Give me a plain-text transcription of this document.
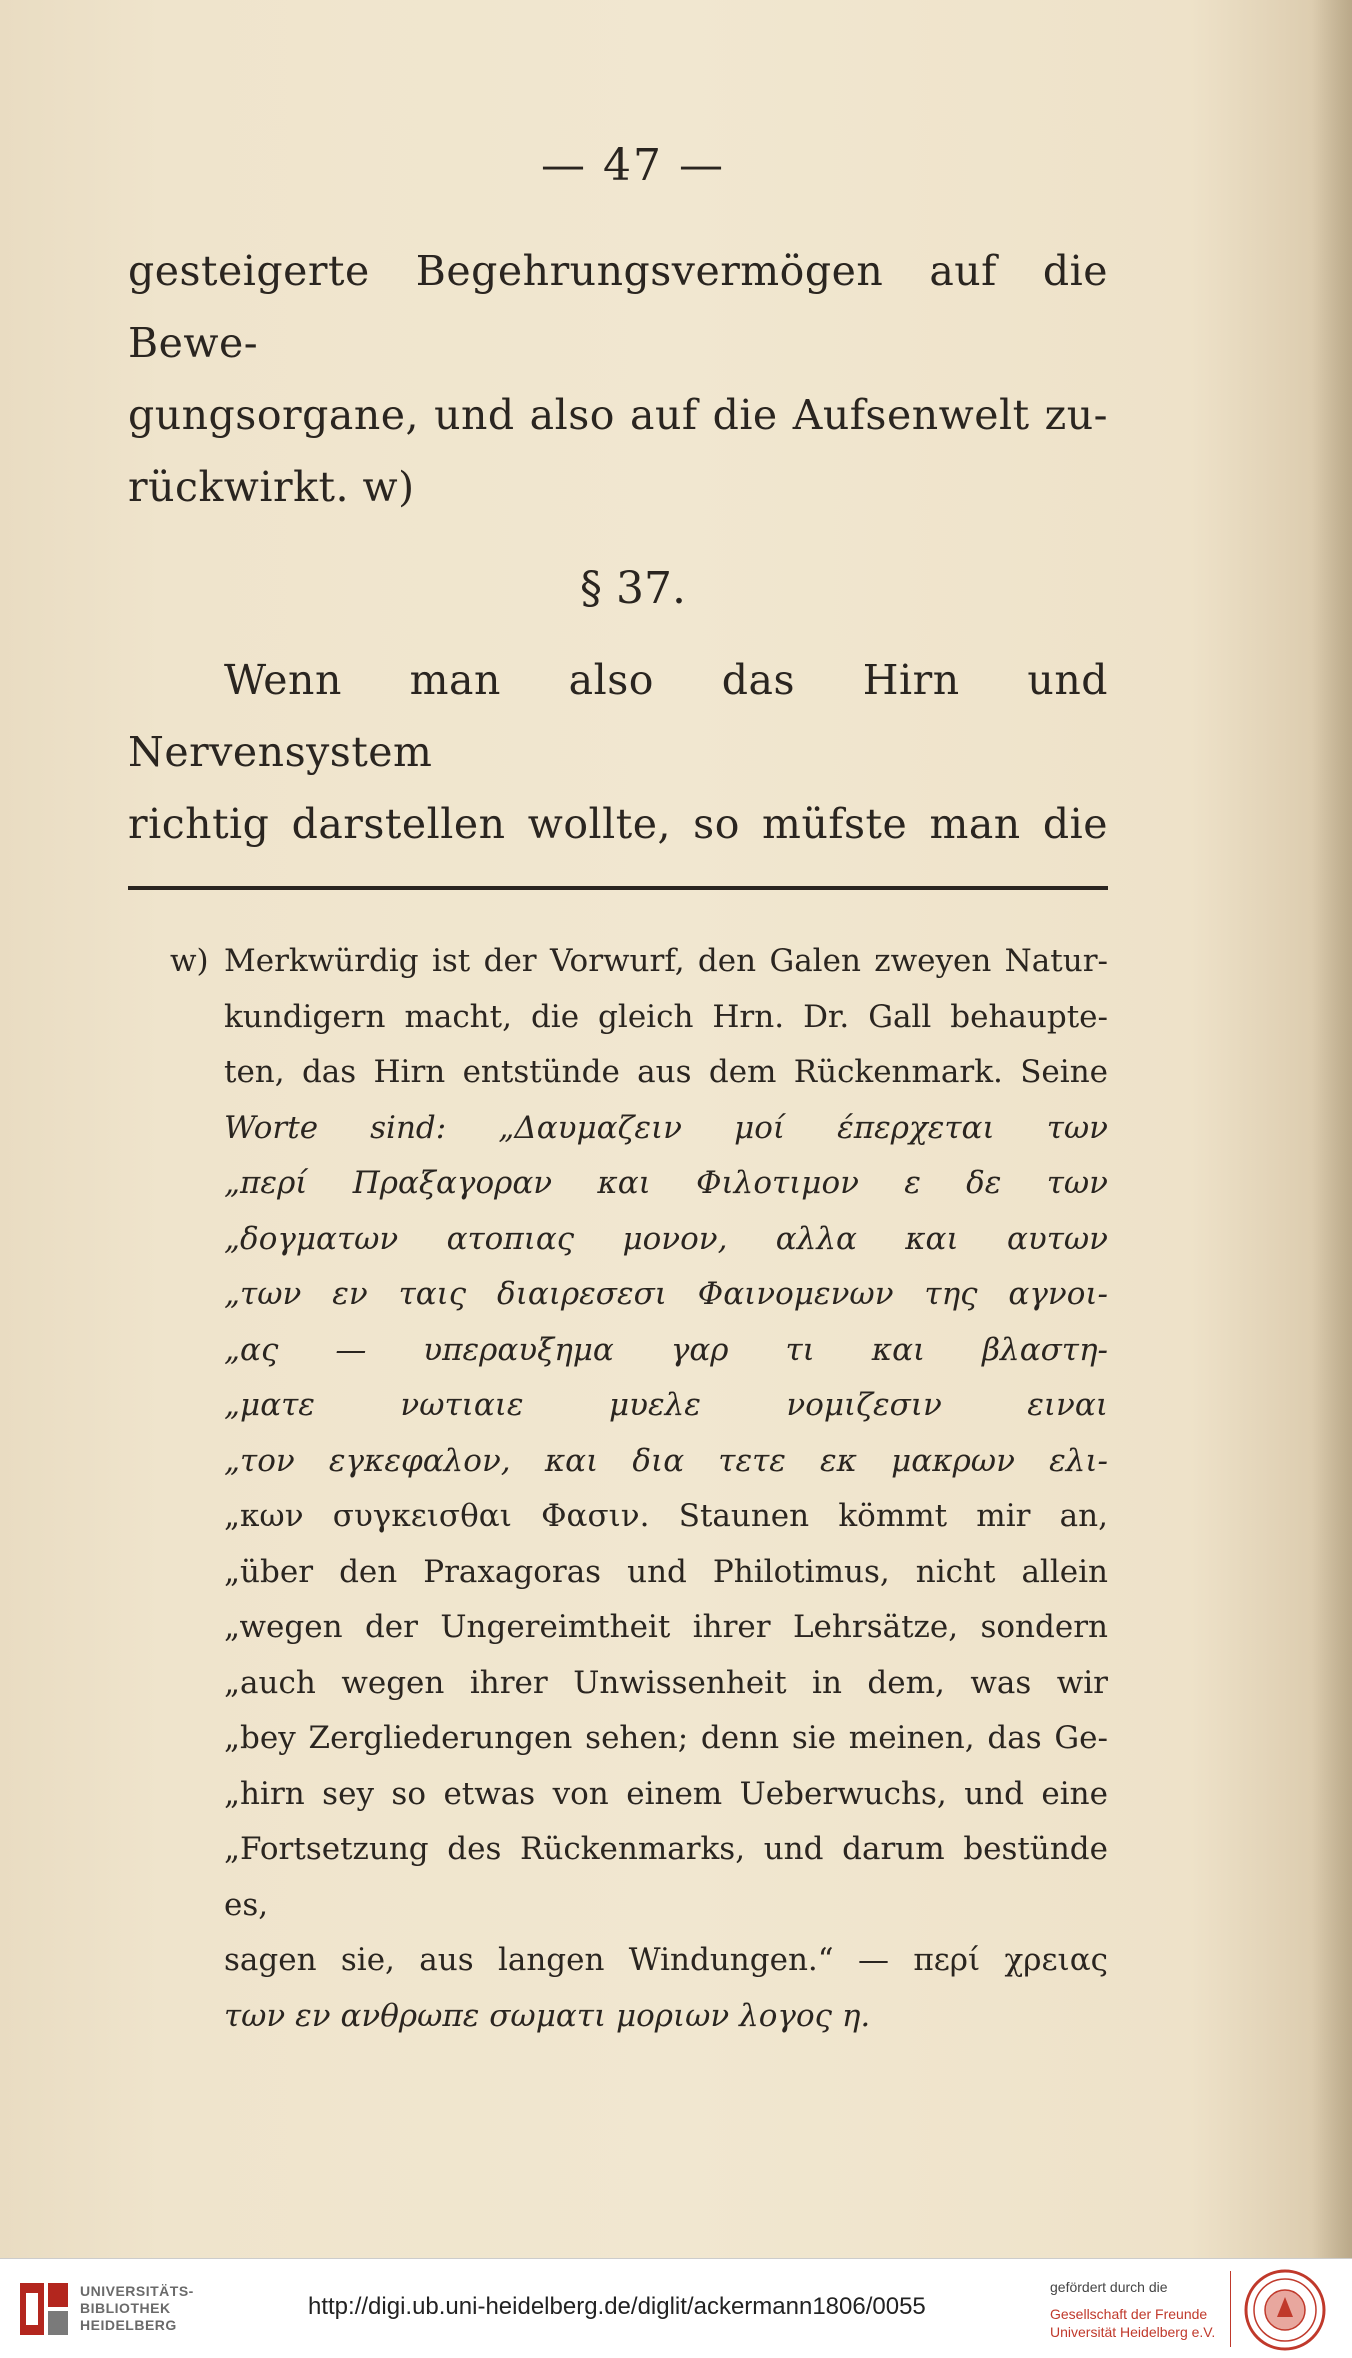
— 47 —
gesteigerte Begehrungsvermögen auf die Bewe-
gungsorgane, und also auf die Aufsenwelt zu-
rückwirkt. w)
§ 37.
Wenn man also das Hirn und Nervensystem
richtig darstellen wollte, so müfste man die
w) Merkwürdig ist der Vorwurf, den Galen zweyen Natur-
kundigern macht, die gleich Hrn. Dr. Gall behaupte-
ten, das Hirn entstünde aus dem Rückenmark. Seine
Worte sind: „Δαυμαζειν μοί έπερχεται των
„περί Πραξαγοραν και Φιλοτιμον ε δε των
„δογματων ατοπιας μονον, αλλα και αυτων
„των εν ταις διαιρεσεσι Φαινομενων της αγνοι-
„ας — υπεραυξημα γαρ τι και βλαστη-
„ματε νωτιαιε μυελε νομιζεσιν ειναι
„τον εγκεφαλον, και δια τετε εκ μακρων ελι-
„κων συγκεισθαι Φασιν. Staunen kömmt mir an,
„über den Praxagoras und Philotimus, nicht allein
„wegen der Ungereimtheit ihrer Lehrsätze, sondern
„auch wegen ihrer Unwissenheit in dem, was wir
„bey Zergliederungen sehen; denn sie meinen, das Ge-
„hirn sey so etwas von einem Ueberwuchs, und eine
„Fortsetzung des Rückenmarks, und darum bestünde es,
sagen sie, aus langen Windungen.“ — περί χρειας
των εν ανθρωπε σωματι μοριων λογος η.
UNIVERSITÄTS-
BIBLIOTHEK
HEIDELBERG
http://digi.ub.uni-heidelberg.de/diglit/ackermann1806/0055
gefördert durch die
Gesellschaft der Freunde
Universität Heidelberg e.V.
